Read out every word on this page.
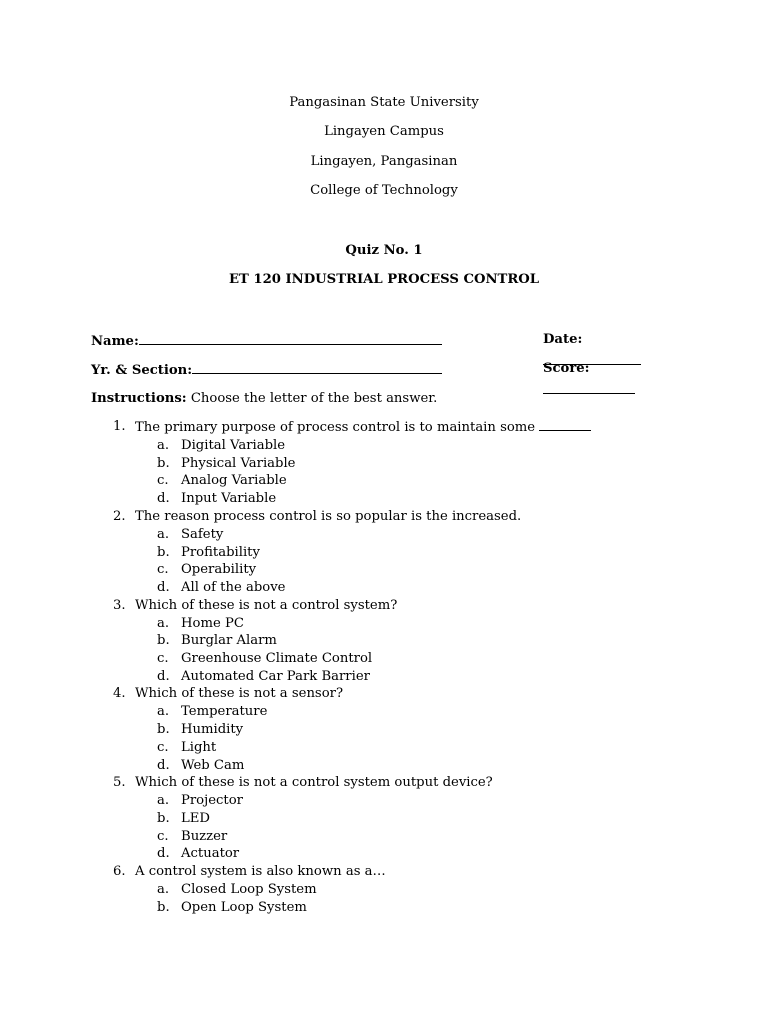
Pangasinan State University
Lingayen Campus
Lingayen, Pangasinan
College of Technology
Quiz No. 1
ET 120 INDUSTRIAL PROCESS CONTROL
Name:	Date:
Yr. & Section:	Score:
Instructions: Choose the letter of the best answer.
1. The primary purpose of process control is to maintain some
a. Digital Variable
b. Physical Variable
c. Analog Variable
d. Input Variable
2. The reason process control is so popular is the increased.
a. Safety
b. Profitability
c. Operability
d. All of the above
3. Which of these is not a control system?
a. Home PC
b. Burglar Alarm
c. Greenhouse Climate Control
d. Automated Car Park Barrier
4. Which of these is not a sensor?
a. Temperature
b. Humidity
c. Light
d. Web Cam
5. Which of these is not a control system output device?
a. Projector
b. LED
c. Buzzer
d. Actuator
6. A control system is also known as a…
a. Closed Loop System
b. Open Loop System
